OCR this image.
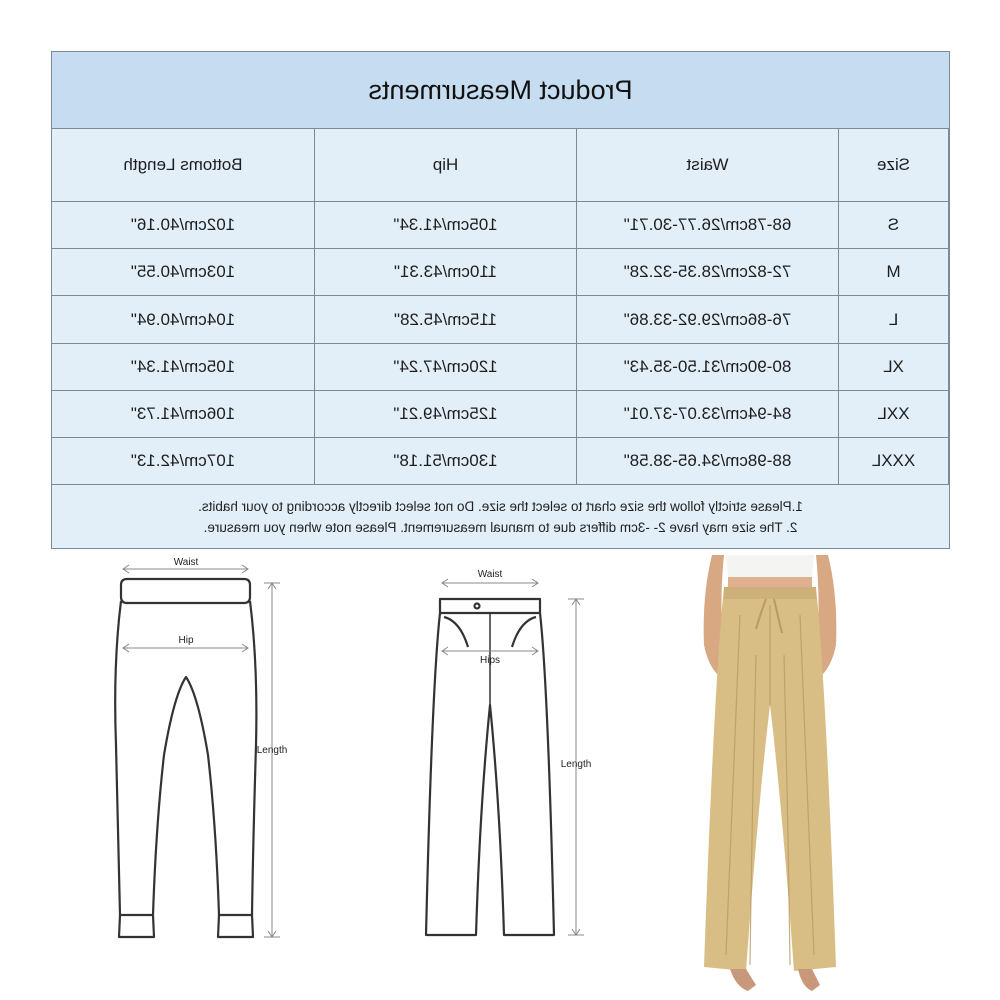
Product Measurments
Size	Waist	Hip	Bottoms Length
S	68-78cm/26.77-30.71"	105cm/41.34"	102cm/40.16"
M	72-82cm/28.35-32.28"	110cm/43.31"	103cm/40.55"
L	76-86cm/29.92-33.86"	115cm/45.28"	104cm/40.94"
XL	80-90cm/31.50-35.43"	120cm/47.24"	105cm/41.34"
XXL	84-94cm/33.07-37.01"	125cm/49.21"	106cm/41.73"
XXXL	88-98cm/34.65-38.58"	130cm/51.18"	107cm/42.13"
1.Please strictly follow the size chart to select the size. Do not select directly according to your habits.
2. The size may have 2- -3cm differs due to manual measurement. Please note when you measure.
Waist
Hip
Length
Waist
Hips
Length
